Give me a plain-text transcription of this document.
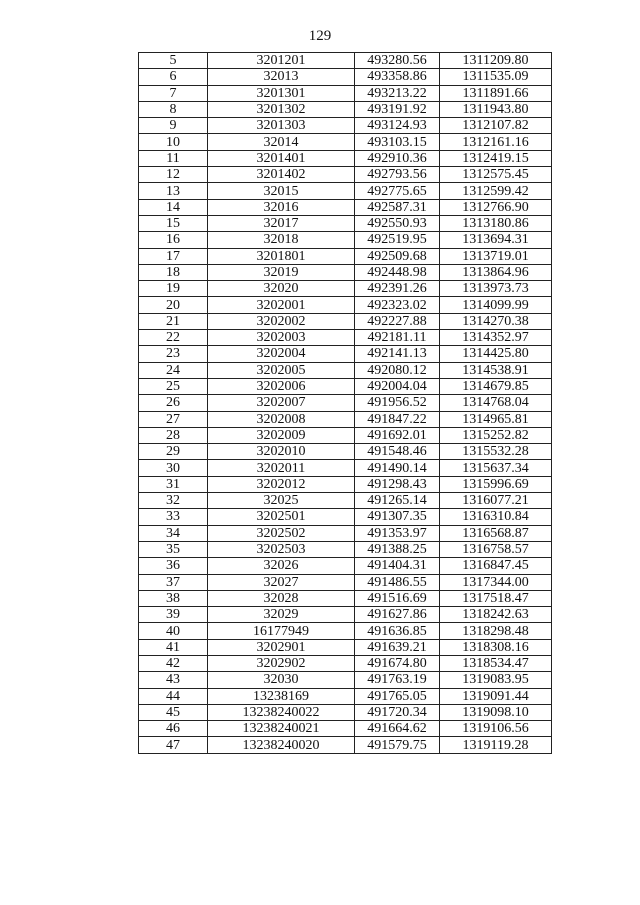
129
5	3201201	493280.56	1311209.80
6	32013	493358.86	1311535.09
7	3201301	493213.22	1311891.66
8	3201302	493191.92	1311943.80
9	3201303	493124.93	1312107.82
10	32014	493103.15	1312161.16
11	3201401	492910.36	1312419.15
12	3201402	492793.56	1312575.45
13	32015	492775.65	1312599.42
14	32016	492587.31	1312766.90
15	32017	492550.93	1313180.86
16	32018	492519.95	1313694.31
17	3201801	492509.68	1313719.01
18	32019	492448.98	1313864.96
19	32020	492391.26	1313973.73
20	3202001	492323.02	1314099.99
21	3202002	492227.88	1314270.38
22	3202003	492181.11	1314352.97
23	3202004	492141.13	1314425.80
24	3202005	492080.12	1314538.91
25	3202006	492004.04	1314679.85
26	3202007	491956.52	1314768.04
27	3202008	491847.22	1314965.81
28	3202009	491692.01	1315252.82
29	3202010	491548.46	1315532.28
30	3202011	491490.14	1315637.34
31	3202012	491298.43	1315996.69
32	32025	491265.14	1316077.21
33	3202501	491307.35	1316310.84
34	3202502	491353.97	1316568.87
35	3202503	491388.25	1316758.57
36	32026	491404.31	1316847.45
37	32027	491486.55	1317344.00
38	32028	491516.69	1317518.47
39	32029	491627.86	1318242.63
40	16177949	491636.85	1318298.48
41	3202901	491639.21	1318308.16
42	3202902	491674.80	1318534.47
43	32030	491763.19	1319083.95
44	13238169	491765.05	1319091.44
45	13238240022	491720.34	1319098.10
46	13238240021	491664.62	1319106.56
47	13238240020	491579.75	1319119.28
